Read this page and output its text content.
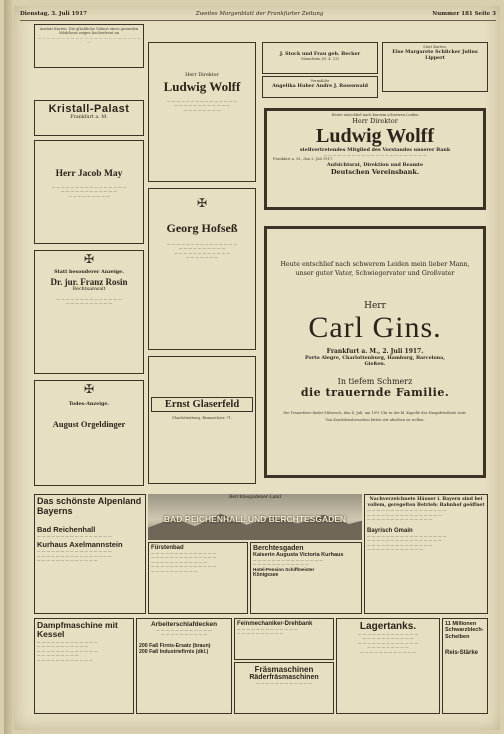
Dienstag, 3. Juli 1917	Zweites Morgenblatt der Frankfurter Zeitung	Nummer 181 Seite 3
Anstatt Karten. Die glückliche Geburt eines gesunden Mädchens zeigen hocherfreut an
— — — — — — — — — — — — — — — — — — — — — — —
Kristall-Palast
Frankfurt a. M.
Herr Jacob May
— — — — — — — — — — — — — — — —
— — — — — — — — — — — —
— — — — — — — — —
✠
Statt besonderer Anzeige.
Dr. jur. Franz Rosin
Rechtsanwalt
— — — — — — — — — — — — — —
— — — — — — — — — —
✠
Todes-Anzeige.
August Orgeldinger
Herr Direktor
Ludwig Wolff
— — — — — — — — — — — — — — —
— — — — — — — — — — — —
— — — — — — — —
✠
Georg Hofseß
— — — — — — — — — — — — — — —
— — — — — — — — — —
— — — — — — — — — — — —
— — — — — — —
Ernst Glaserfeld
Charlottenburg, Bismarckstr. 71.
J. Stock und Frau geb. Becker
Mannheim (N. 4. 13)
Statt Karten.
Else Margarete Schlicker Julius Lippert
Vermählte
Angelika Huber Andre J. Rosenwald
Heute entschlief nach kurzem schweren Leiden
Herr Direktor
Ludwig Wolff
stellvertretendes Mitglied des Vorstandes unserer Bank
— — — — — — — — — — — — — — — — — — — — — —
Frankfurt a. M., den 2. Juli 1917.
Aufsichtsrat, Direktion und Beamte
Deutschen Vereinsbank.
Heute entschlief nach schwerem Leiden mein lieber Mann, unser guter Vater, Schwiegervater und Großvater
Herr
Carl Gins.
Frankfurt a. M., 2. Juli 1917.
Porto Alegre, Charlottenburg, Hamburg, Barcelona, Gießen.
In tiefem Schmerz
die trauernde Familie.
Die Trauerfeier findet Mittwoch, den 4. Juli, um 10½ Uhr in der kl. Kapelle des Hauptfriedhofs statt.
Von Kondolenzbesuchen bitten wir absehen zu wollen.
Das schönste Alpenland Bayerns
Bad Reichenhall
— — — — — — — — — — — — — — — —
Kurhaus Axelmannstein
— — — — — — — — — — — — — — — —
— — — — — — — — — — — — — — — —
— — — — — — — — — — — — —
Berchtesgadener-Land
BAD REICHENHALL UND BERCHTESGADEN
Fürstenbad
— — — — — — — — — — — — — —
— — — — — — — — — — — — — —
— — — — — — — — — — — —
— — — — — — — — — — — — — —
— — — — — — — — — —
Berchtesgaden
Kaiserin Augusta Victoria Kurhaus
— — — — — — — — — — — — — — —
— — — — — — — — — — — —
Hotel-Pension Schiffmeister
Königssee
Nachverzeichnete Häuser i. Bayern sind bei vollem, geregelten Betrieb: Bahnhof geöffnet
— — — — — — — — — — — — — — — — —
— — — — — — — — — — — — — — — —
— — — — — — — — — — — — — —
Bayrisch Gmain
— — — — — — — — — — — — — — — — —
— — — — — — — — — — — — — — — —
— — — — — — — — — — — — — —
— — — — — — — — — — — —
Dampfmaschine mit Kessel
— — — — — — — — — — — — —
— — — — — — — — — — —
— — — — — — — — — — — — —
— — — — — — — — —
— — — — — — — — — — — —
Arbeiterschlafdecken
— — — — — — — — — — — —
— — — — — — — — — —
200 Faß Firnis-Ersatz (braun)
200 Faß Industriefirnis (dkl.)
Feinmechaniker-Drehbank
— — — — — — — — — — — — —
— — — — — — — — — —
Fräsmaschinen
Räderfräsmaschinen
— — — — — — — — — — — —
Lagertanks.
— — — — — — — — — — — — —
— — — — — — — — — — —
— — — — — — — — — — — — —
— — — — — — — — —
— — — — — — — — — — — —
11 Millionen Schwarzblech-Scheiben
Reis-Stärke
